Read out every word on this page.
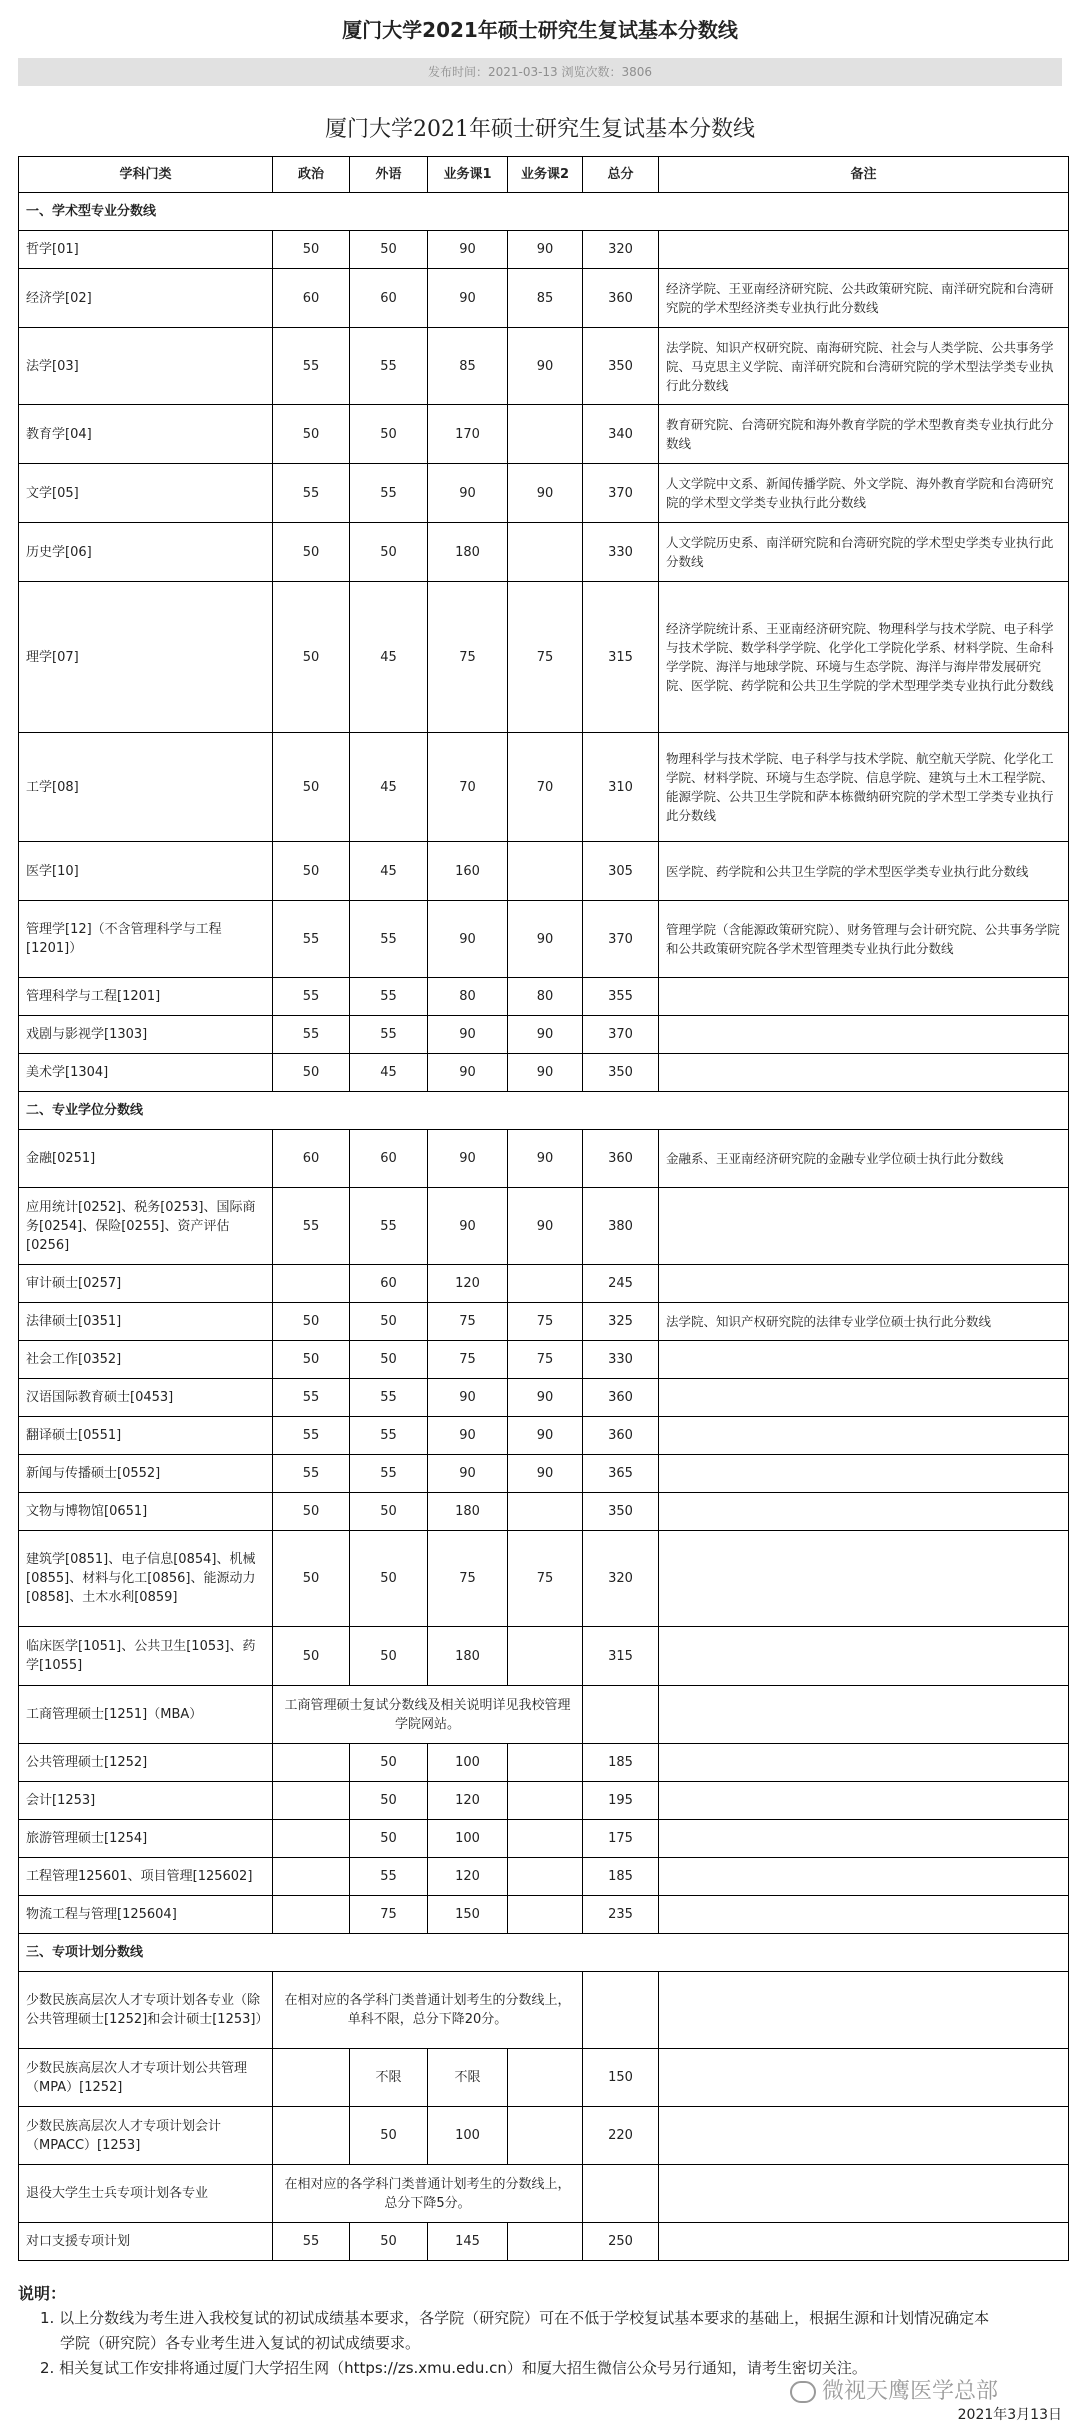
厦门大学2021年硕士研究生复试基本分数线
发布时间：2021-03-13 浏览次数：3806
厦门大学2021年硕士研究生复试基本分数线
学科门类	政治	外语	业务课1	业务课2	总分	备注
一、学术型专业分数线						
哲学[01]	50	50	90	90	320	
经济学[02]	60	60	90	85	360	经济学院、王亚南经济研究院、公共政策研究院、南洋研究院和台湾研究院的学术型经济类专业执行此分数线
法学[03]	55	55	85	90	350	法学院、知识产权研究院、南海研究院、社会与人类学院、公共事务学院、马克思主义学院、南洋研究院和台湾研究院的学术型法学类专业执行此分数线
教育学[04]	50	50	170		340	教育研究院、台湾研究院和海外教育学院的学术型教育类专业执行此分数线
文学[05]	55	55	90	90	370	人文学院中文系、新闻传播学院、外文学院、海外教育学院和台湾研究院的学术型文学类专业执行此分数线
历史学[06]	50	50	180		330	人文学院历史系、南洋研究院和台湾研究院的学术型史学类专业执行此分数线
理学[07]	50	45	75	75	315	经济学院统计系、王亚南经济研究院、物理科学与技术学院、电子科学与技术学院、数学科学学院、化学化工学院化学系、材料学院、生命科学学院、海洋与地球学院、环境与生态学院、海洋与海岸带发展研究院、医学院、药学院和公共卫生学院的学术型理学类专业执行此分数线
工学[08]	50	45	70	70	310	物理科学与技术学院、电子科学与技术学院、航空航天学院、化学化工学院、材料学院、环境与生态学院、信息学院、建筑与土木工程学院、能源学院、公共卫生学院和萨本栋微纳研究院的学术型工学类专业执行此分数线
医学[10]	50	45	160		305	医学院、药学院和公共卫生学院的学术型医学类专业执行此分数线
管理学[12]（不含管理科学与工程[1201]）	55	55	90	90	370	管理学院（含能源政策研究院）、财务管理与会计研究院、公共事务学院和公共政策研究院各学术型管理类专业执行此分数线
管理科学与工程[1201]	55	55	80	80	355	
戏剧与影视学[1303]	55	55	90	90	370	
美术学[1304]	50	45	90	90	350	
二、专业学位分数线						
金融[0251]	60	60	90	90	360	金融系、王亚南经济研究院的金融专业学位硕士执行此分数线
应用统计[0252]、税务[0253]、国际商务[0254]、保险[0255]、资产评估[0256]	55	55	90	90	380	
审计硕士[0257]		60	120		245	
法律硕士[0351]	50	50	75	75	325	法学院、知识产权研究院的法律专业学位硕士执行此分数线
社会工作[0352]	50	50	75	75	330	
汉语国际教育硕士[0453]	55	55	90	90	360	
翻译硕士[0551]	55	55	90	90	360	
新闻与传播硕士[0552]	55	55	90	90	365	
文物与博物馆[0651]	50	50	180		350	
建筑学[0851]、电子信息[0854]、机械[0855]、材料与化工[0856]、能源动力[0858]、土木水利[0859]	50	50	75	75	320	
临床医学[1051]、公共卫生[1053]、药学[1055]	50	50	180		315	
工商管理硕士[1251]（MBA）	工商管理硕士复试分数线及相关说明详见我校管理学院网站。					
公共管理硕士[1252]		50	100		185	
会计[1253]		50	120		195	
旅游管理硕士[1254]		50	100		175	
工程管理125601、项目管理[125602]		55	120		185	
物流工程与管理[125604]		75	150		235	
三、专项计划分数线						
少数民族高层次人才专项计划各专业（除公共管理硕士[1252]和会计硕士[1253]）	在相对应的各学科门类普通计划考生的分数线上，单科不限，总分下降20分。					
少数民族高层次人才专项计划公共管理（MPA）[1252]		不限	不限		150	
少数民族高层次人才专项计划会计（MPACC）[1253]		50	100		220	
退役大学生士兵专项计划各专业	在相对应的各学科门类普通计划考生的分数线上，总分下降5分。					
对口支援专项计划	55	50	145		250	
说明：
1. 以上分数线为考生进入我校复试的初试成绩基本要求，各学院（研究院）可在不低于学校复试基本要求的基础上，根据生源和计划情况确定本
学院（研究院）各专业考生进入复试的初试成绩要求。
2. 相关复试工作安排将通过厦门大学招生网（https://zs.xmu.edu.cn）和厦大招生微信公众号另行通知，请考生密切关注。
微视天鹰医学总部
2021年3月13日
